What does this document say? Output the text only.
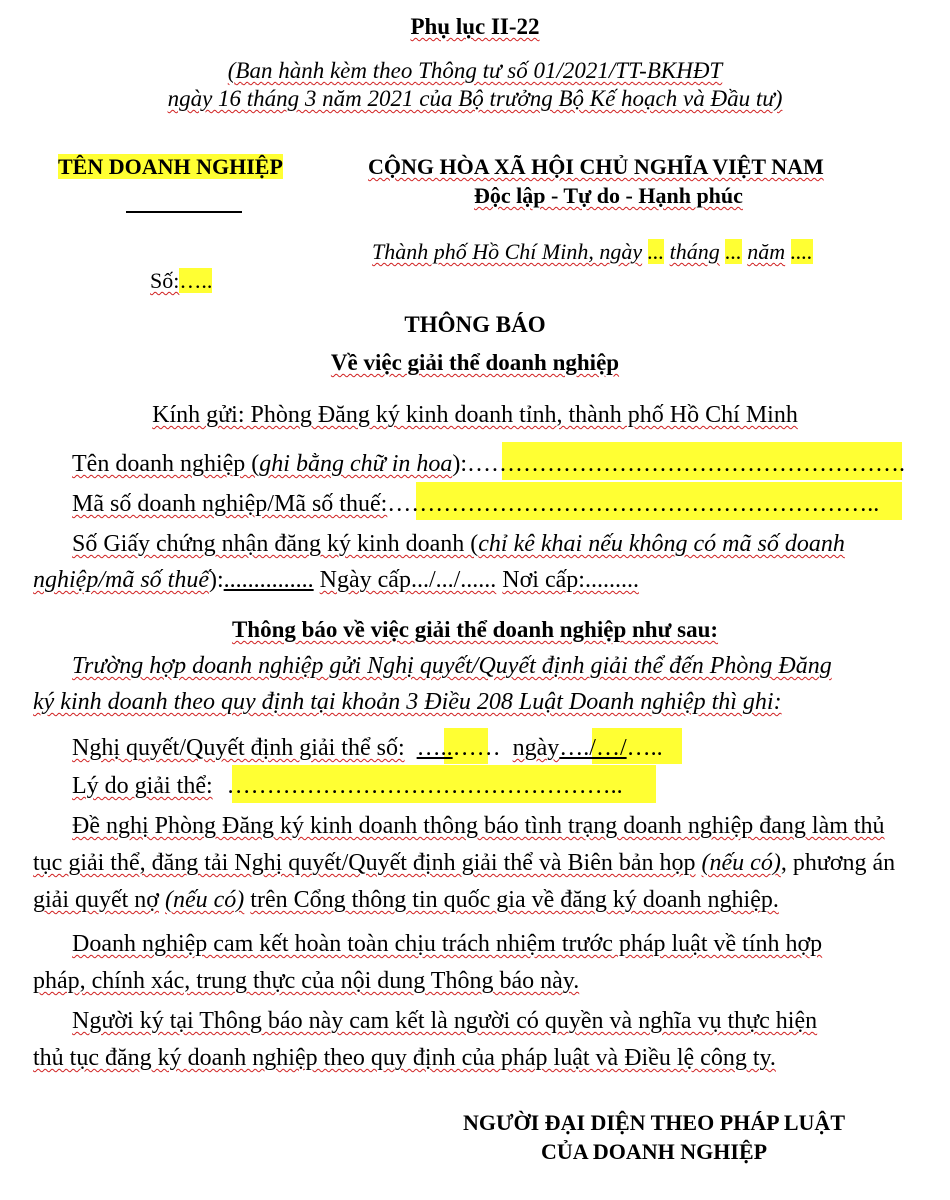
Phụ lục II-22
(Ban hành kèm theo Thông tư số 01/2021/TT-BKHĐT
ngày 16 tháng 3 năm 2021 của Bộ trưởng Bộ Kế hoạch và Đầu tư)
TÊN DOANH NGHIỆP
Số:…..
CỘNG HÒA XÃ HỘI CHỦ NGHĨA VIỆT NAM
Độc lập - Tự do - Hạnh phúc
Thành phố Hồ Chí Minh, ngày ... tháng ... năm ....
THÔNG BÁO
Về việc giải thể doanh nghiệp
Kính gửi: Phòng Đăng ký kinh doanh tỉnh, thành phố Hồ Chí Minh
Tên doanh nghiệp (ghi bằng chữ in hoa):……………………………………………….
Mã số doanh nghiệp/Mã số thuế:……………………………………………………..
Số Giấy chứng nhận đăng ký kinh doanh (chỉ kê khai nếu không có mã số doanh
nghiệp/mã số thuế):............... Ngày cấp.../.../...... Nơi cấp:.........
Thông báo về việc giải thể doanh nghiệp như sau:
Trường hợp doanh nghiệp gửi Nghị quyết/Quyết định giải thể đến Phòng Đăng
ký kinh doanh theo quy định tại khoản 3 Điều 208 Luật Doanh nghiệp thì ghi:
Nghị quyết/Quyết định giải thể số: …..…… ngày…./…/…..
Lý do giải thể: …………………………………………..
Đề nghị Phòng Đăng ký kinh doanh thông báo tình trạng doanh nghiệp đang làm thủ
tục giải thể, đăng tải Nghị quyết/Quyết định giải thể và Biên bản họp (nếu có), phương án
giải quyết nợ (nếu có) trên Cổng thông tin quốc gia về đăng ký doanh nghiệp.
Doanh nghiệp cam kết hoàn toàn chịu trách nhiệm trước pháp luật về tính hợp
pháp, chính xác, trung thực của nội dung Thông báo này.
Người ký tại Thông báo này cam kết là người có quyền và nghĩa vụ thực hiện
thủ tục đăng ký doanh nghiệp theo quy định của pháp luật và Điều lệ công ty.
NGƯỜI ĐẠI DIỆN THEO PHÁP LUẬT
CỦA DOANH NGHIỆP
